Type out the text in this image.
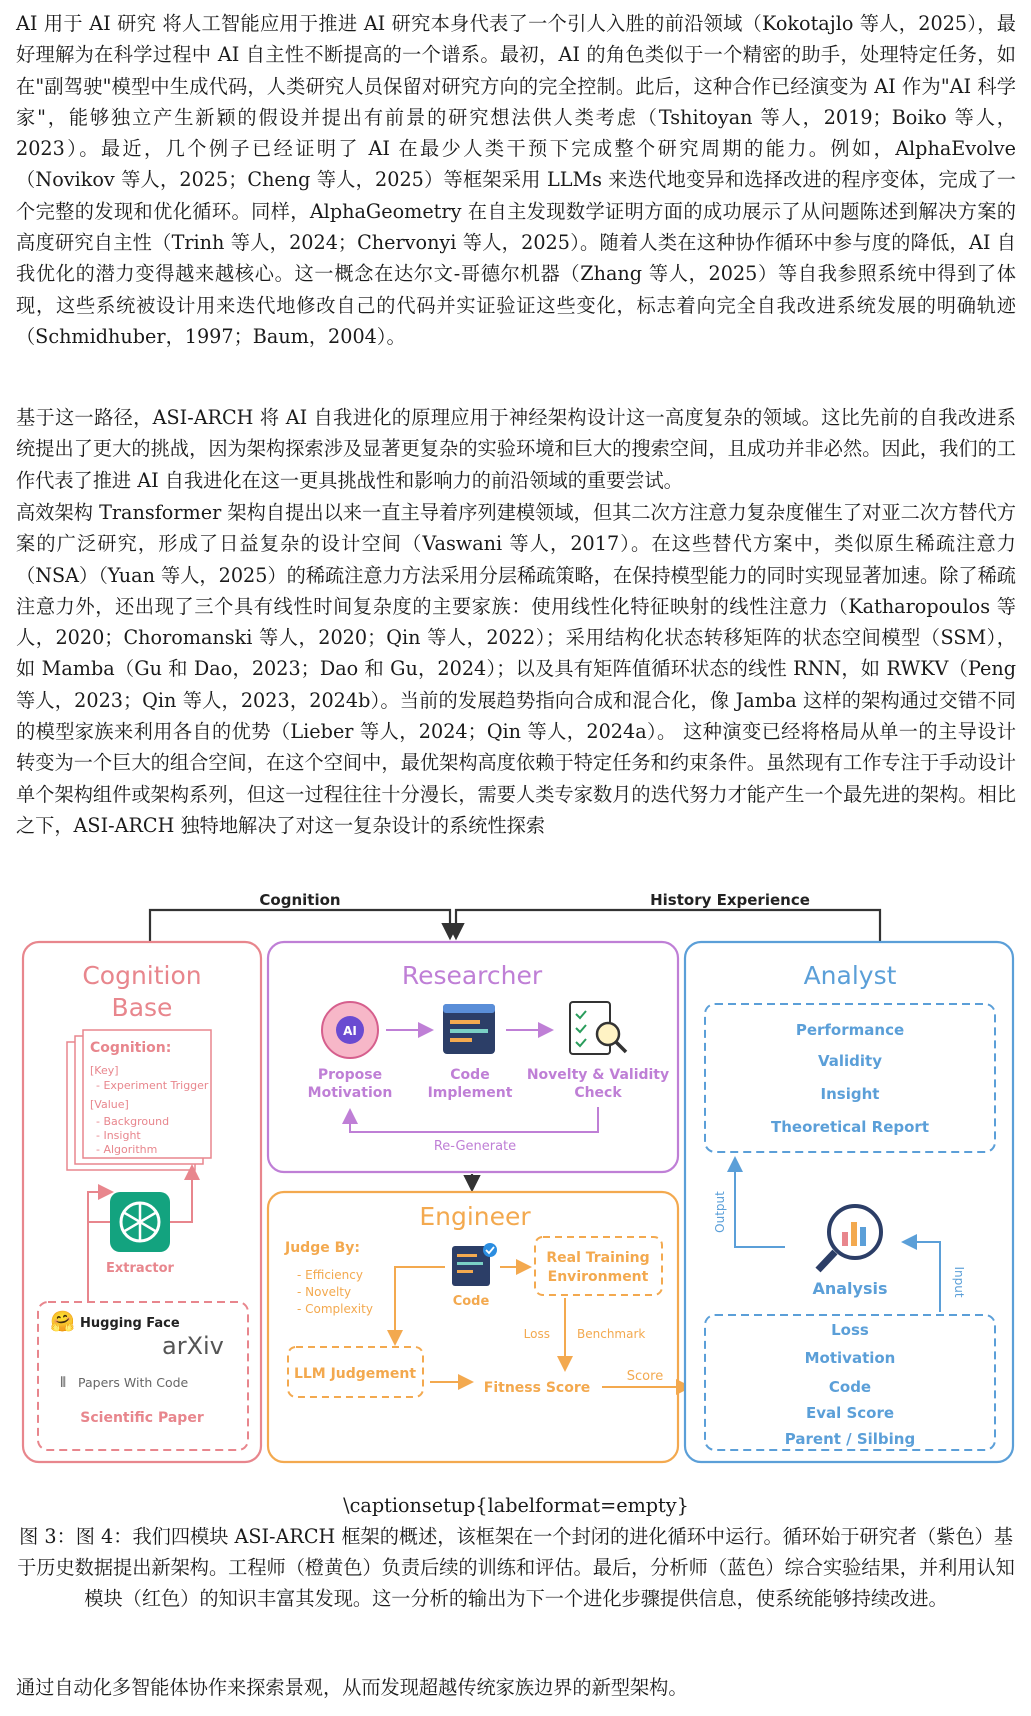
AI 用于 AI 研究 将人工智能应用于推进 AI 研究本身代表了一个引人入胜的前沿领域（Kokotajlo 等人，2025），最好理解为在科学过程中 AI 自主性不断提高的一个谱系。最初，AI 的角色类似于一个精密的助手，处理特定任务，如在"副驾驶"模型中生成代码，人类研究人员保留对研究方向的完全控制。此后，这种合作已经演变为 AI 作为"AI 科学家"，能够独立产生新颖的假设并提出有前景的研究想法供人类考虑（Tshitoyan 等人，2019；Boiko 等人，2023）。最近，几个例子已经证明了 AI 在最少人类干预下完成整个研究周期的能力。例如，AlphaEvolve（Novikov 等人，2025；Cheng 等人，2025）等框架采用 LLMs 来迭代地变异和选择改进的程序变体，完成了一个完整的发现和优化循环。同样，AlphaGeometry 在自主发现数学证明方面的成功展示了从问题陈述到解决方案的高度研究自主性（Trinh 等人，2024；Chervonyi 等人，2025）。随着人类在这种协作循环中参与度的降低，AI 自我优化的潜力变得越来越核心。这一概念在达尔文-哥德尔机器（Zhang 等人，2025）等自我参照系统中得到了体现，这些系统被设计用来迭代地修改自己的代码并实证验证这些变化，标志着向完全自我改进系统发展的明确轨迹（Schmidhuber，1997；Baum，2004）。

基于这一路径，ASI-ARCH 将 AI 自我进化的原理应用于神经架构设计这一高度复杂的领域。这比先前的自我改进系统提出了更大的挑战，因为架构探索涉及显著更复杂的实验环境和巨大的搜索空间，且成功并非必然。因此，我们的工作代表了推进 AI 自我进化在这一更具挑战性和影响力的前沿领域的重要尝试。

高效架构 Transformer 架构自提出以来一直主导着序列建模领域，但其二次方注意力复杂度催生了对亚二次方替代方案的广泛研究，形成了日益复杂的设计空间（Vaswani 等人，2017）。在这些替代方案中，类似原生稀疏注意力（NSA）（Yuan 等人，2025）的稀疏注意力方法采用分层稀疏策略，在保持模型能力的同时实现显著加速。除了稀疏注意力外，还出现了三个具有线性时间复杂度的主要家族：使用线性化特征映射的线性注意力（Katharopoulos 等人，2020；Choromanski 等人，2020；Qin 等人，2022）；采用结构化状态转移矩阵的状态空间模型（SSM），如 Mamba（Gu 和 Dao，2023；Dao 和 Gu，2024）；以及具有矩阵值循环状态的线性 RNN，如 RWKV（Peng 等人，2023；Qin 等人，2023，2024b）。当前的发展趋势指向合成和混合化，像 Jamba 这样的架构通过交错不同的模型家族来利用各自的优势（Lieber 等人，2024；Qin 等人，2024a）。 这种演变已经将格局从单一的主导设计转变为一个巨大的组合空间，在这个空间中，最优架构高度依赖于特定任务和约束条件。虽然现有工作专注于手动设计单个架构组件或架构系列，但这一过程往往十分漫长，需要人类专家数月的迭代努力才能产生一个最先进的架构。相比之下，ASI-ARCH 独特地解决了对这一复杂设计的系统性探索

Cognition	History Experience
Cognition
Base
Cognition:
[Key]
- Experiment Trigger
[Value]
- Background
- Insight
- Algorithm
Extractor
🤗 Hugging Face
arXiv
⦀ Papers With Code
Scientific Paper
Researcher
AI
Propose
Motivation
Code
Implement
Novelty & Validity
Check
Re-Generate
Engineer
Judge By:
- Efficiency
- Novelty
- Complexity	Code
Real Training
Environment
Loss Benchmark
LLM Judgement
Fitness Score
Score
Analyst
Performance
Validity
Insight
Theoretical Report
Output
Input
Analysis
Loss
Motivation
Code
Eval Score
Parent / Silbing
\captionsetup{labelformat=empty}
图 3：图 4：我们四模块 ASI-ARCH 框架的概述，该框架在一个封闭的进化循环中运行。循环始于研究者（紫色）基于历史数据提出新架构。工程师（橙黄色）负责后续的训练和评估。最后，分析师（蓝色）综合实验结果，并利用认知模块（红色）的知识丰富其发现。这一分析的输出为下一个进化步骤提供信息，使系统能够持续改进。

通过自动化多智能体协作来探索景观，从而发现超越传统家族边界的新型架构。
